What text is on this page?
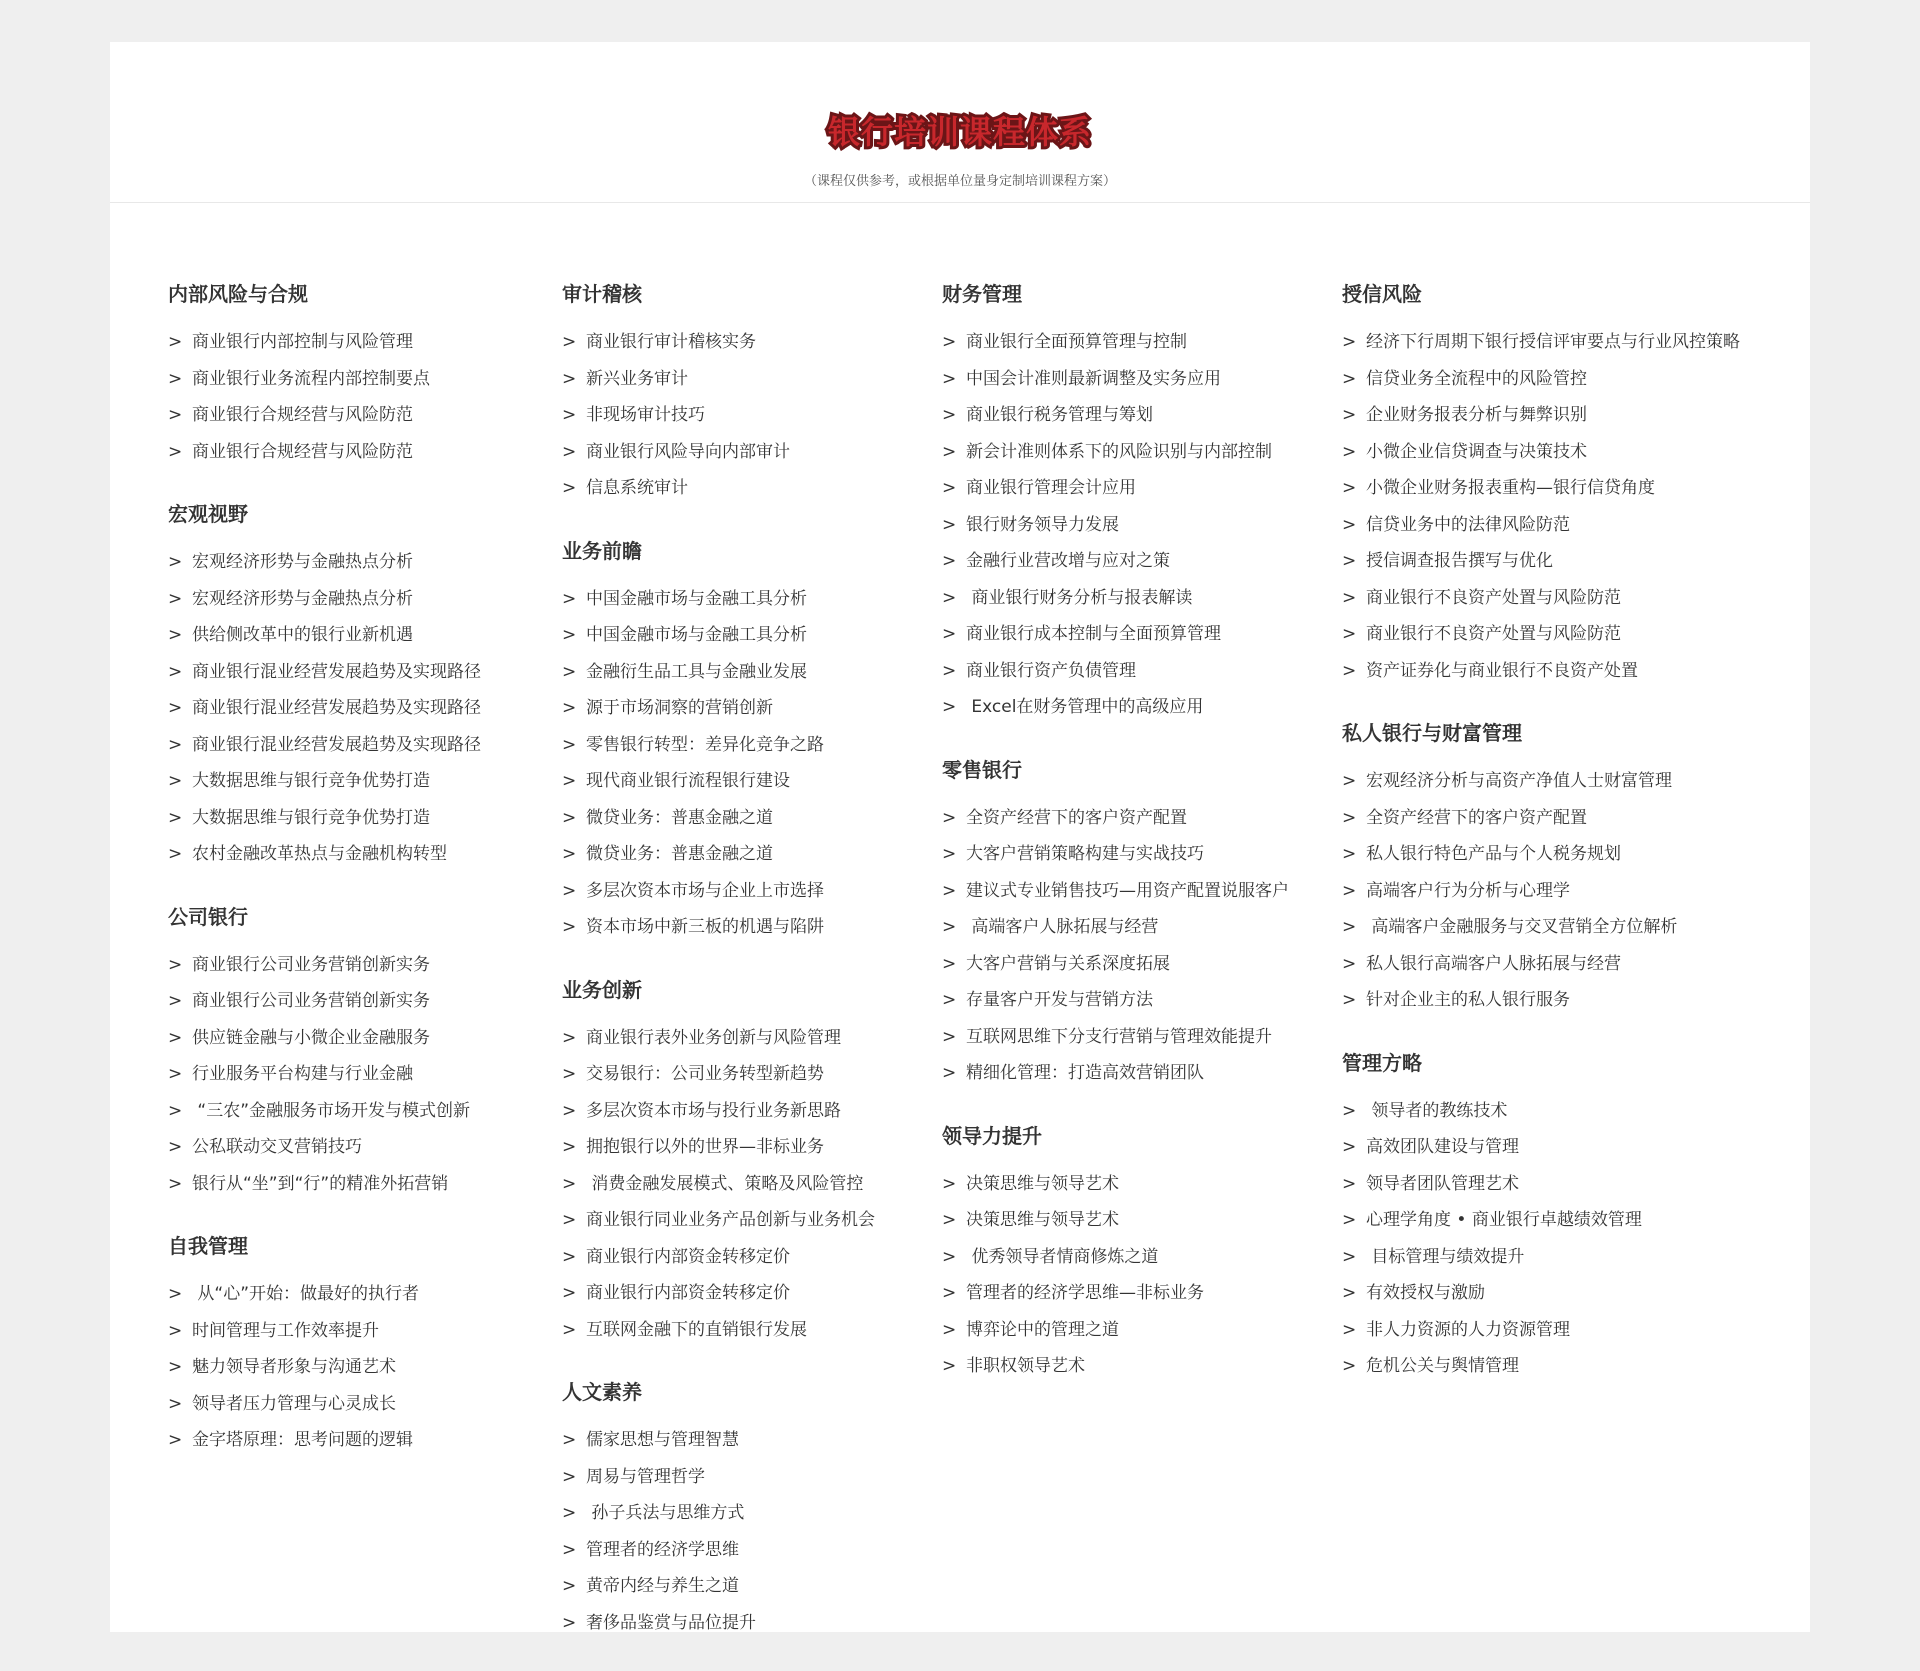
银行培训课程体系
（课程仅供参考，或根据单位量身定制培训课程方案）
内部风险与合规
> 商业银行内部控制与风险管理
> 商业银行业务流程内部控制要点
> 商业银行合规经营与风险防范
> 商业银行合规经营与风险防范
宏观视野
> 宏观经济形势与金融热点分析
> 宏观经济形势与金融热点分析
> 供给侧改革中的银行业新机遇
> 商业银行混业经营发展趋势及实现路径
> 商业银行混业经营发展趋势及实现路径
> 商业银行混业经营发展趋势及实现路径
> 大数据思维与银行竞争优势打造
> 大数据思维与银行竞争优势打造
> 农村金融改革热点与金融机构转型
公司银行
> 商业银行公司业务营销创新实务
> 商业银行公司业务营销创新实务
> 供应链金融与小微企业金融服务
> 行业服务平台构建与行业金融
> “三农”金融服务市场开发与模式创新
> 公私联动交叉营销技巧
> 银行从“坐”到“行”的精准外拓营销
自我管理
> 从“心”开始：做最好的执行者
> 时间管理与工作效率提升
> 魅力领导者形象与沟通艺术
> 领导者压力管理与心灵成长
> 金字塔原理：思考问题的逻辑
审计稽核
> 商业银行审计稽核实务
> 新兴业务审计
> 非现场审计技巧
> 商业银行风险导向内部审计
> 信息系统审计
业务前瞻
> 中国金融市场与金融工具分析
> 中国金融市场与金融工具分析
> 金融衍生品工具与金融业发展
> 源于市场洞察的营销创新
> 零售银行转型：差异化竞争之路
> 现代商业银行流程银行建设
> 微贷业务：普惠金融之道
> 微贷业务：普惠金融之道
> 多层次资本市场与企业上市选择
> 资本市场中新三板的机遇与陷阱
业务创新
> 商业银行表外业务创新与风险管理
> 交易银行：公司业务转型新趋势
> 多层次资本市场与投行业务新思路
> 拥抱银行以外的世界—非标业务
> 消费金融发展模式、策略及风险管控
> 商业银行同业业务产品创新与业务机会
> 商业银行内部资金转移定价
> 商业银行内部资金转移定价
> 互联网金融下的直销银行发展
人文素养
> 儒家思想与管理智慧
> 周易与管理哲学
> 孙子兵法与思维方式
> 管理者的经济学思维
> 黄帝内经与养生之道
> 奢侈品鉴赏与品位提升
财务管理
> 商业银行全面预算管理与控制
> 中国会计准则最新调整及实务应用
> 商业银行税务管理与筹划
> 新会计准则体系下的风险识别与内部控制
> 商业银行管理会计应用
> 银行财务领导力发展
> 金融行业营改增与应对之策
> 商业银行财务分析与报表解读
> 商业银行成本控制与全面预算管理
> 商业银行资产负债管理
> Excel在财务管理中的高级应用
零售银行
> 全资产经营下的客户资产配置
> 大客户营销策略构建与实战技巧
> 建议式专业销售技巧—用资产配置说服客户
> 高端客户人脉拓展与经营
> 大客户营销与关系深度拓展
> 存量客户开发与营销方法
> 互联网思维下分支行营销与管理效能提升
> 精细化管理：打造高效营销团队
领导力提升
> 决策思维与领导艺术
> 决策思维与领导艺术
> 优秀领导者情商修炼之道
> 管理者的经济学思维—非标业务
> 博弈论中的管理之道
> 非职权领导艺术
授信风险
> 经济下行周期下银行授信评审要点与行业风控策略
> 信贷业务全流程中的风险管控
> 企业财务报表分析与舞弊识别
> 小微企业信贷调查与决策技术
> 小微企业财务报表重构—银行信贷角度
> 信贷业务中的法律风险防范
> 授信调查报告撰写与优化
> 商业银行不良资产处置与风险防范
> 商业银行不良资产处置与风险防范
> 资产证券化与商业银行不良资产处置
私人银行与财富管理
> 宏观经济分析与高资产净值人士财富管理
> 全资产经营下的客户资产配置
> 私人银行特色产品与个人税务规划
> 高端客户行为分析与心理学
> 高端客户金融服务与交叉营销全方位解析
> 私人银行高端客户人脉拓展与经营
> 针对企业主的私人银行服务
管理方略
> 领导者的教练技术
> 高效团队建设与管理
> 领导者团队管理艺术
> 心理学角度 • 商业银行卓越绩效管理
> 目标管理与绩效提升
> 有效授权与激励
> 非人力资源的人力资源管理
> 危机公关与舆情管理
